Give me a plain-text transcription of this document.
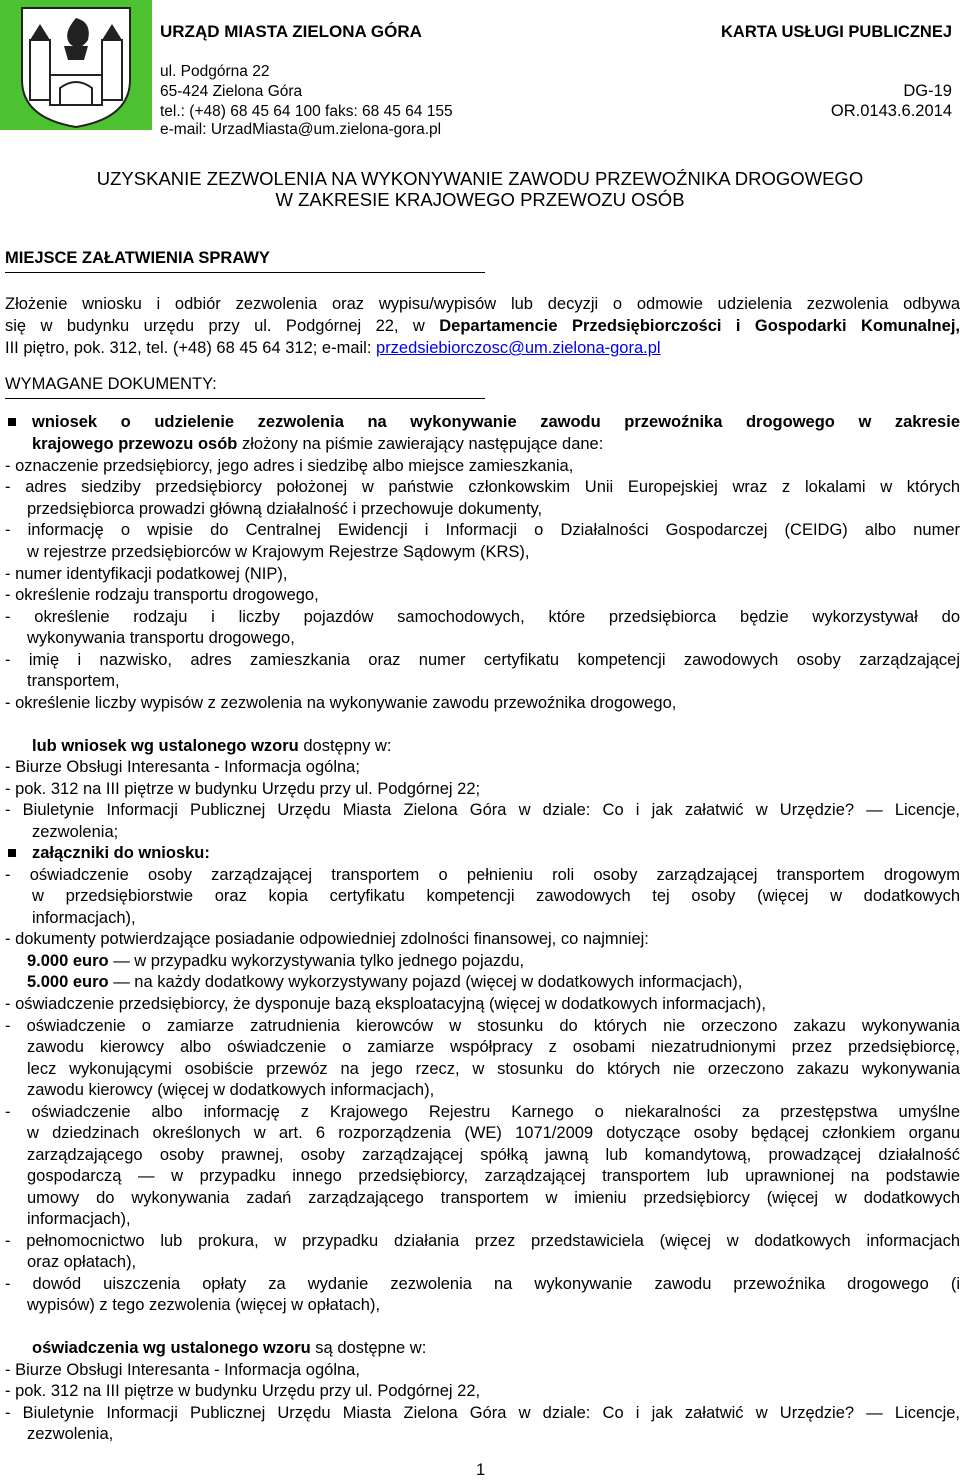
URZĄD MIASTA ZIELONA GÓRA
ul. Podgórna 22
65-424 Zielona Góra
tel.: (+48) 68 45 64 100 faks: 68 45 64 155
e-mail: UrzadMiasta@um.zielona-gora.pl
KARTA USŁUGI PUBLICZNEJ
DG-19
OR.0143.6.2014
UZYSKANIE ZEZWOLENIA NA WYKONYWANIE ZAWODU PRZEWOŹNIKA DROGOWEGO
W ZAKRESIE KRAJOWEGO PRZEWOZU OSÓB
MIEJSCE ZAŁATWIENIA SPRAWY
Złożenie wniosku i odbiór zezwolenia oraz wypisu/wypisów lub decyzji o odmowie udzielenia zezwolenia odbywa
się w budynku urzędu przy ul. Podgórnej 22, w Departamencie Przedsiębiorczości i Gospodarki Komunalnej,
III piętro, pok. 312, tel. (+48) 68 45 64 312; e-mail: przedsiebiorczosc@um.zielona-gora.pl
WYMAGANE DOKUMENTY:
wniosek o udzielenie zezwolenia na wykonywanie zawodu przewoźnika drogowego w zakresie
krajowego przewozu osób złożony na piśmie zawierający następujące dane:
- oznaczenie przedsiębiorcy, jego adres i siedzibę albo miejsce zamieszkania,
- adres siedziby przedsiębiorcy położonej w państwie członkowskim Unii Europejskiej wraz z lokalami w których
przedsiębiorca prowadzi główną działalność i przechowuje dokumenty,
- informację o wpisie do Centralnej Ewidencji i Informacji o Działalności Gospodarczej (CEIDG) albo numer
w rejestrze przedsiębiorców w Krajowym Rejestrze Sądowym (KRS),
- numer identyfikacji podatkowej (NIP),
- określenie rodzaju transportu drogowego,
- określenie rodzaju i liczby pojazdów samochodowych, które przedsiębiorca będzie wykorzystywał do
wykonywania transportu drogowego,
- imię i nazwisko, adres zamieszkania oraz numer certyfikatu kompetencji zawodowych osoby zarządzającej
transportem,
- określenie liczby wypisów z zezwolenia na wykonywanie zawodu przewoźnika drogowego,
lub wniosek wg ustalonego wzoru dostępny w:
- Biurze Obsługi Interesanta - Informacja ogólna;
- pok. 312 na III piętrze w budynku Urzędu przy ul. Podgórnej 22;
- Biuletynie Informacji Publicznej Urzędu Miasta Zielona Góra w dziale: Co i jak załatwić w Urzędzie? ― Licencje,
zezwolenia;
załączniki do wniosku:
- oświadczenie osoby zarządzającej transportem o pełnieniu roli osoby zarządzającej transportem drogowym
w przedsiębiorstwie oraz kopia certyfikatu kompetencji zawodowych tej osoby (więcej w dodatkowych
informacjach),
- dokumenty potwierdzające posiadanie odpowiedniej zdolności finansowej, co najmniej:
9.000 euro ― w przypadku wykorzystywania tylko jednego pojazdu,
5.000 euro ― na każdy dodatkowy wykorzystywany pojazd (więcej w dodatkowych informacjach),
- oświadczenie przedsiębiorcy, że dysponuje bazą eksploatacyjną (więcej w dodatkowych informacjach),
- oświadczenie o zamiarze zatrudnienia kierowców w stosunku do których nie orzeczono zakazu wykonywania
zawodu kierowcy albo oświadczenie o zamiarze współpracy z osobami niezatrudnionymi przez przedsiębiorcę,
lecz wykonującymi osobiście przewóz na jego rzecz, w stosunku do których nie orzeczono zakazu wykonywania
zawodu kierowcy (więcej w dodatkowych informacjach),
- oświadczenie albo informację z Krajowego Rejestru Karnego o niekaralności za przestępstwa umyślne
w dziedzinach określonych w art. 6 rozporządzenia (WE) 1071/2009 dotyczące osoby będącej członkiem organu
zarządzającego osoby prawnej, osoby zarządzającej spółką jawną lub komandytową, prowadzącej działalność
gospodarczą ― w przypadku innego przedsiębiorcy, zarządzającej transportem lub uprawnionej na podstawie
umowy do wykonywania zadań zarządzającego transportem w imieniu przedsiębiorcy (więcej w dodatkowych
informacjach),
- pełnomocnictwo lub prokura, w przypadku działania przez przedstawiciela (więcej w dodatkowych informacjach
oraz opłatach),
- dowód uiszczenia opłaty za wydanie zezwolenia na wykonywanie zawodu przewoźnika drogowego (i
wypisów) z tego zezwolenia (więcej w opłatach),
oświadczenia wg ustalonego wzoru są dostępne w:
- Biurze Obsługi Interesanta - Informacja ogólna,
- pok. 312 na III piętrze w budynku Urzędu przy ul. Podgórnej 22,
- Biuletynie Informacji Publicznej Urzędu Miasta Zielona Góra w dziale: Co i jak załatwić w Urzędzie? ― Licencje,
zezwolenia,
1
